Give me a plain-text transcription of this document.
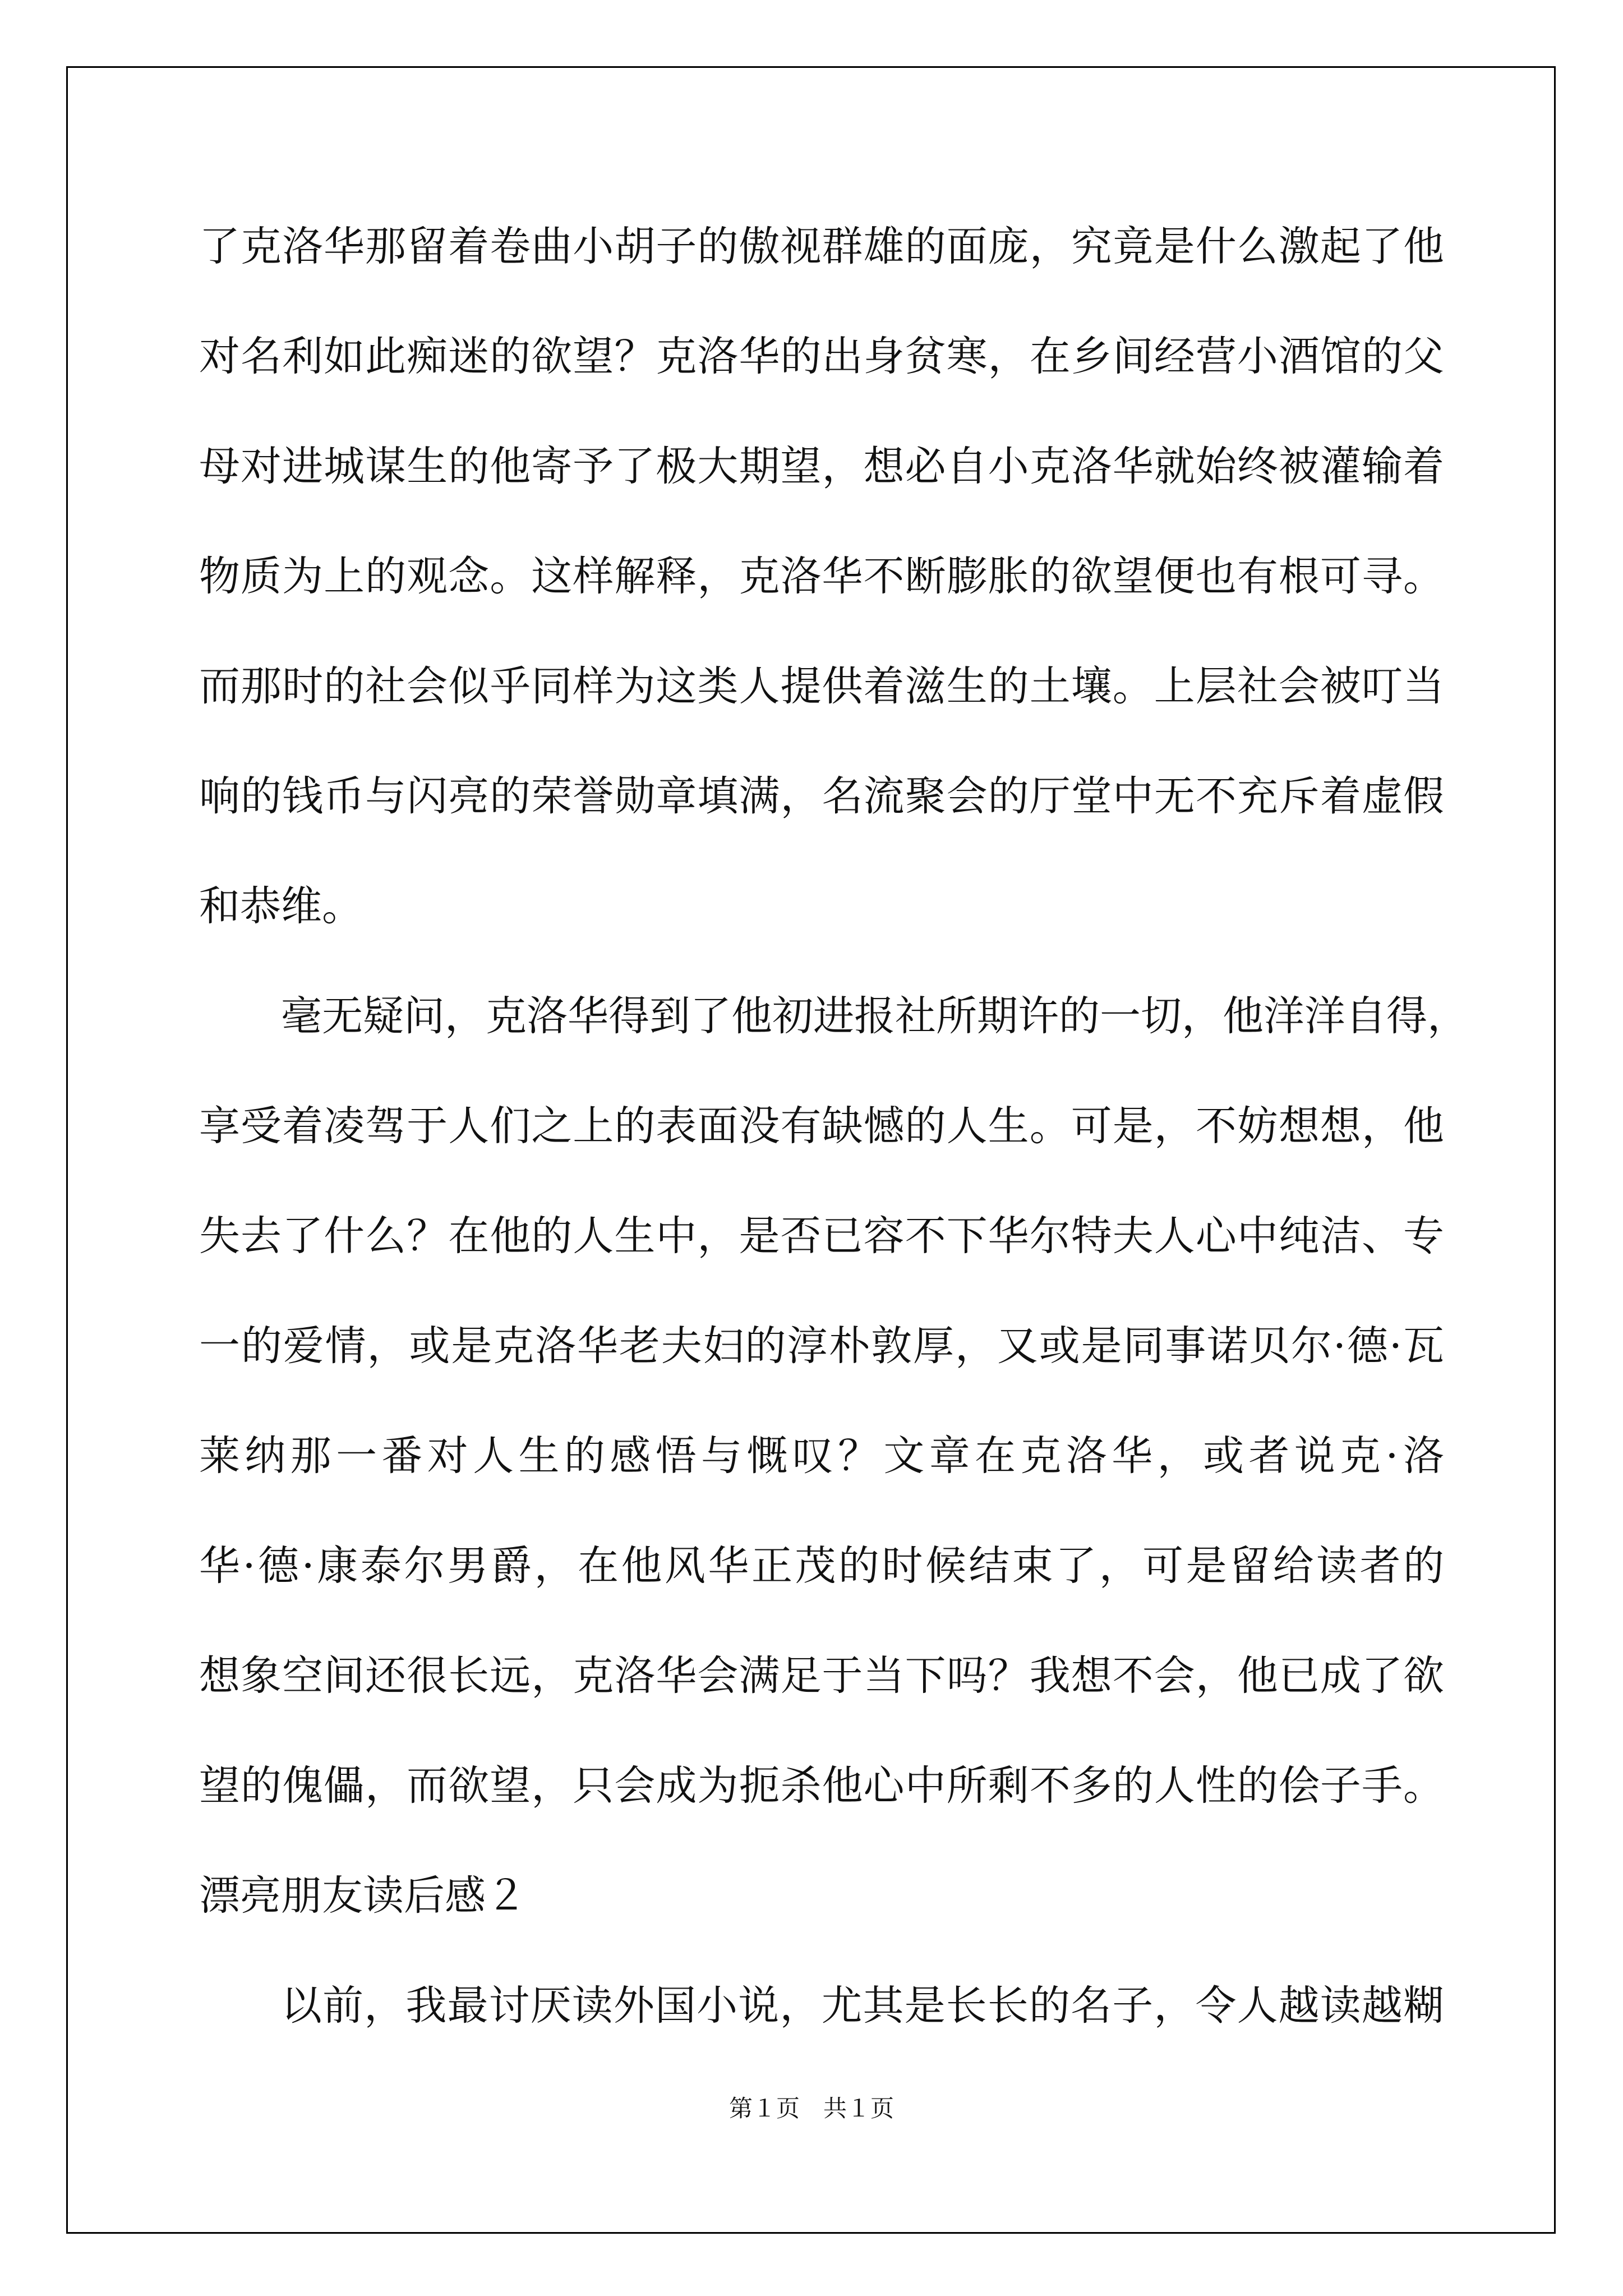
了克洛华那留着卷曲小胡子的傲视群雄的面庞，究竟是什么激起了他
对名利如此痴迷的欲望？克洛华的出身贫寒，在乡间经营小酒馆的父
母对进城谋生的他寄予了极大期望，想必自小克洛华就始终被灌输着
物质为上的观念。这样解释，克洛华不断膨胀的欲望便也有根可寻。
而那时的社会似乎同样为这类人提供着滋生的土壤。上层社会被叮当
响的钱币与闪亮的荣誉勋章填满，名流聚会的厅堂中无不充斥着虚假
和恭维。
毫无疑问，克洛华得到了他初进报社所期许的一切，他洋洋自得，
享受着凌驾于人们之上的表面没有缺憾的人生。可是，不妨想想，他
失去了什么？在他的人生中，是否已容不下华尔特夫人心中纯洁、专
一的爱情，或是克洛华老夫妇的淳朴敦厚，又或是同事诺贝尔·德·瓦
莱纳那一番对人生的感悟与慨叹？文章在克洛华，或者说克·洛
华·德·康泰尔男爵，在他风华正茂的时候结束了，可是留给读者的
想象空间还很长远，克洛华会满足于当下吗？我想不会，他已成了欲
望的傀儡，而欲望，只会成为扼杀他心中所剩不多的人性的侩子手。
漂亮朋友读后感２
以前，我最讨厌读外国小说，尤其是长长的名子，令人越读越糊
第１页　共１页
